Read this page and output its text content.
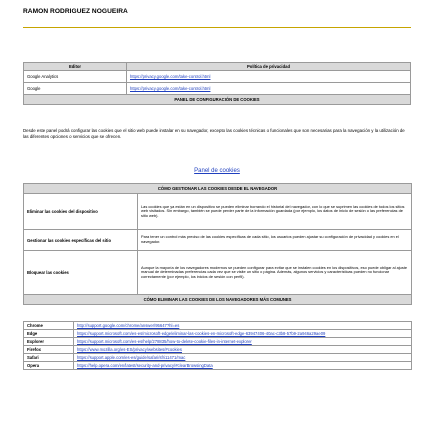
RAMON RODRIGUEZ NOGUEIRA
Editor	Política de privacidad
Google Analytics	https://privacy.google.com/take-control.html
Google	https://privacy.google.com/take-control.html
PANEL DE CONFIGURACIÓN DE COOKIES	
Desde este panel podrá configurar las cookies que el sitio web puede instalar en su navegador, excepto las cookies técnicas o funcionales que son necesarias para la navegación y la utilización de las diferentes opciones o servicios que se ofrecen.
Panel de cookies
CÓMO GESTIONAR LAS COOKIES DESDE EL NAVEGADOR	
Eliminar las cookies del dispositivo	Las cookies que ya están en un dispositivo se pueden eliminar borrando el historial del navegador, con lo que se suprimen las cookies de todos los sitios web visitados. Sin embargo, también se puede perder parte de la información guardada (por ejemplo, los datos de inicio de sesión o las preferencias de sitio web).
Gestionar las cookies específicas del sitio	Para tener un control más preciso de las cookies específicas de cada sitio, los usuarios pueden ajustar su configuración de privacidad y cookies en el navegador.
Bloquear las cookies	Aunque la mayoría de los navegadores modernos se pueden configurar para evitar que se instalen cookies en los dispositivos, eso puede obligar al ajuste manual de determinadas preferencias cada vez que se visite un sitio o página. Además, algunos servicios y características pueden no funcionar correctamente (por ejemplo, los inicios de sesión con perfil).
CÓMO ELIMINAR LAS COOKIES DE LOS NAVEGADORES MÁS COMUNES	
Chrome	http://support.google.com/chrome/answer/95647?hl=es
Edge	https://support.microsoft.com/es-es/microsoft-edge/eliminar-las-cookies-en-microsoft-edge-63947406-40ac-c3b8-57b9-2a946a29ae09
Explorer	https://support.microsoft.com/es-es/help/278835/how-to-delete-cookie-files-in-internet-explorer
Firefox	https://www.mozilla.org/es-ES/privacy/websites/#cookies
Safari	https://support.apple.com/es-es/guide/safari/sfri11471/mac
Opera	https://help.opera.com/en/latest/security-and-privacy/#clearBrowsingData
